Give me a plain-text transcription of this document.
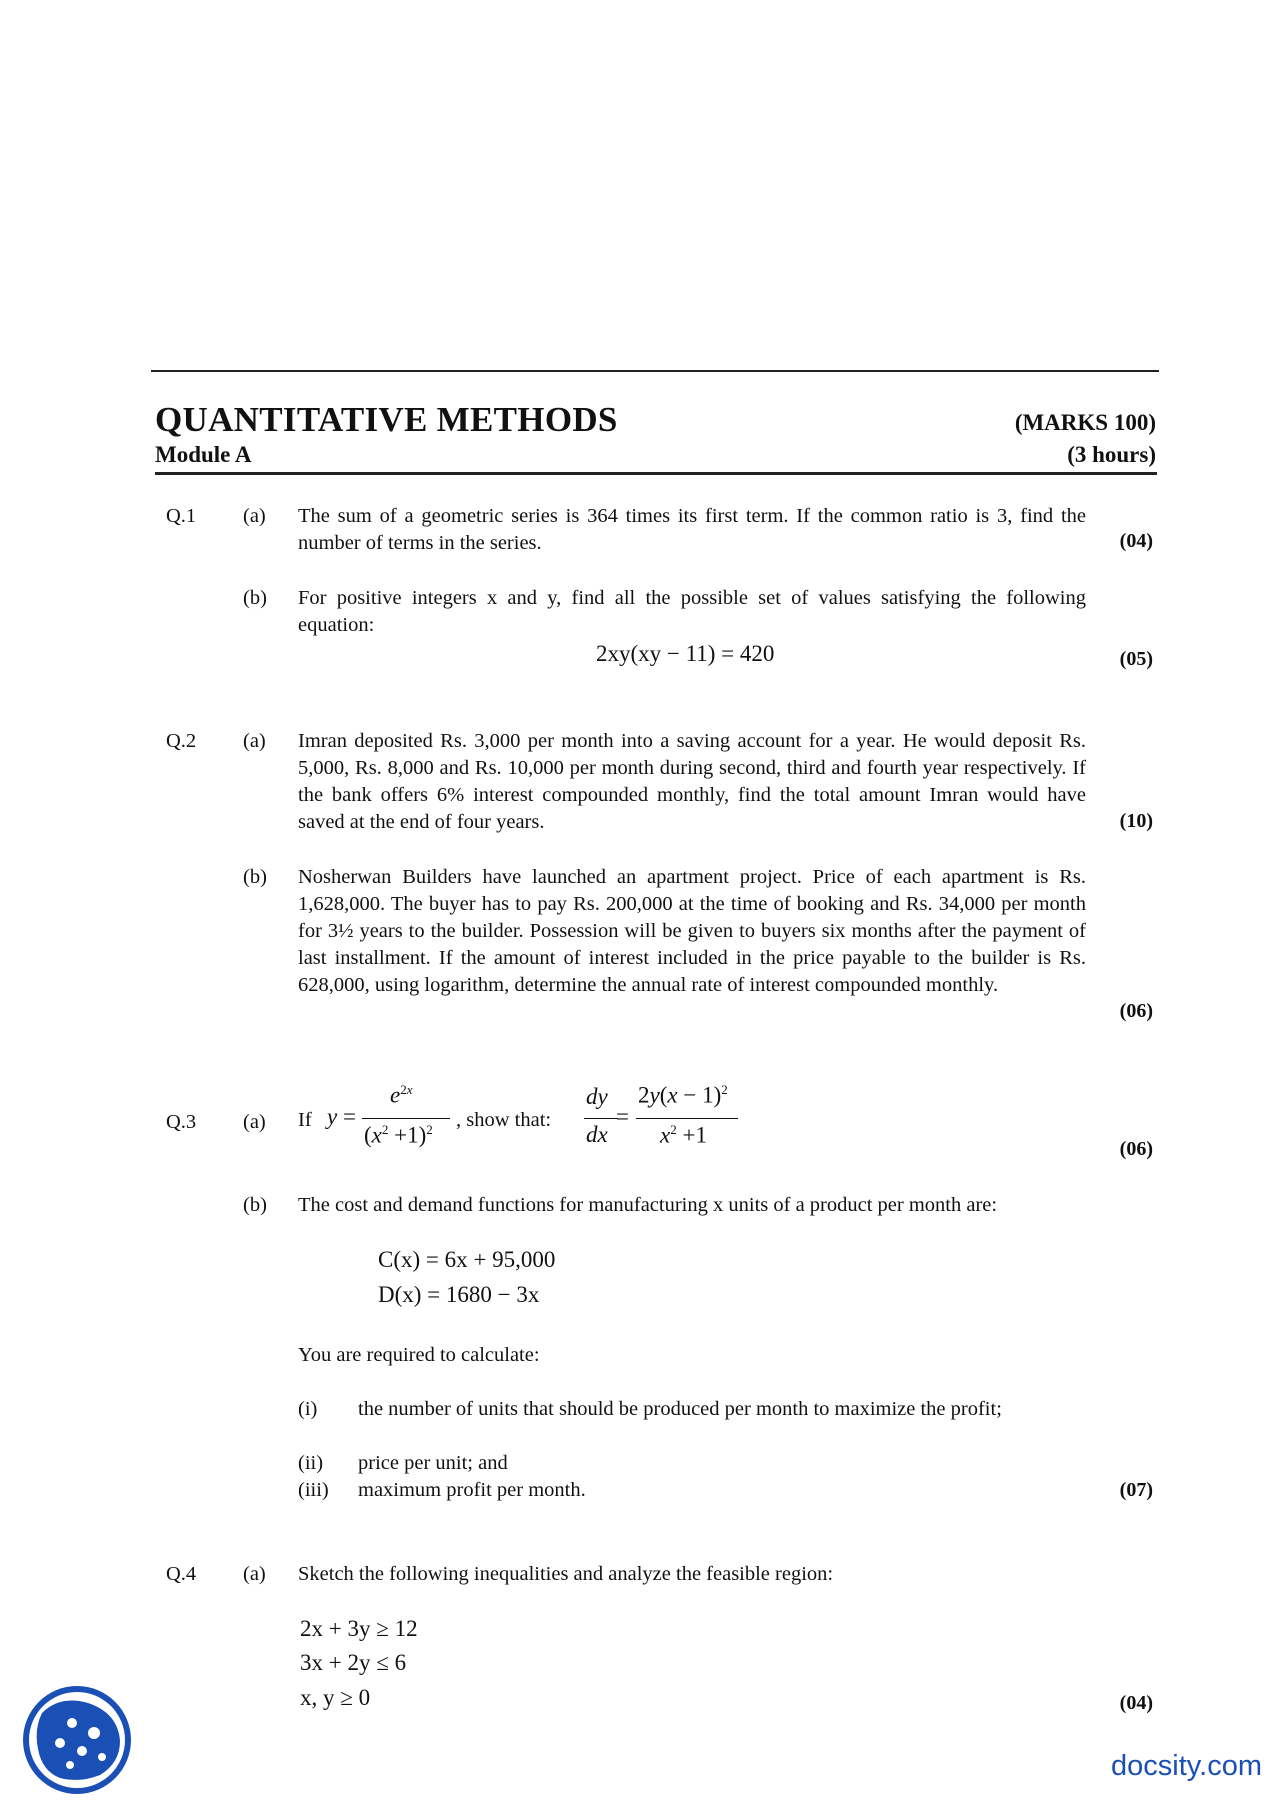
QUANTITATIVE METHODS	(MARKS 100)
Module A	(3 hours)
Q.1 (a) The sum of a geometric series is 364 times its first term. If the common ratio is 3, find the number of terms in the series.	(04)
(b) For positive integers x and y, find all the possible set of values satisfying the following equation:
2xy(xy − 11) = 420	(05)
Q.2 (a) Imran deposited Rs. 3,000 per month into a saving account for a year. He would deposit Rs. 5,000, Rs. 8,000 and Rs. 10,000 per month during second, third and fourth year respectively. If the bank offers 6% interest compounded monthly, find the total amount Imran would have saved at the end of four years.	(10)
(b) Nosherwan Builders have launched an apartment project. Price of each apartment is Rs. 1,628,000. The buyer has to pay Rs. 200,000 at the time of booking and Rs. 34,000 per month for 3½ years to the builder. Possession will be given to buyers six months after the payment of last installment. If the amount of interest included in the price payable to the builder is Rs. 628,000, using logarithm, determine the annual rate of interest compounded monthly.
(06)
Q.3 (a) If y =
$e^{2x}$
$(x^2 +1)^2$ , show that:
dy
dx
=
$2y(x - 1)^2$
$x^2 +1$
(06)
(b) The cost and demand functions for manufacturing x units of a product per month are:
C(x) = 6x + 95,000
D(x) = 1680 − 3x
You are required to calculate:
(i) the number of units that should be produced per month to maximize the profit;
(ii) price per unit; and
(iii) maximum profit per month.	(07)
Q.4 (a) Sketch the following inequalities and analyze the feasible region:
2x + 3y ≥ 12
3x + 2y ≤ 6
x, y ≥ 0	(04)
docsity.com
